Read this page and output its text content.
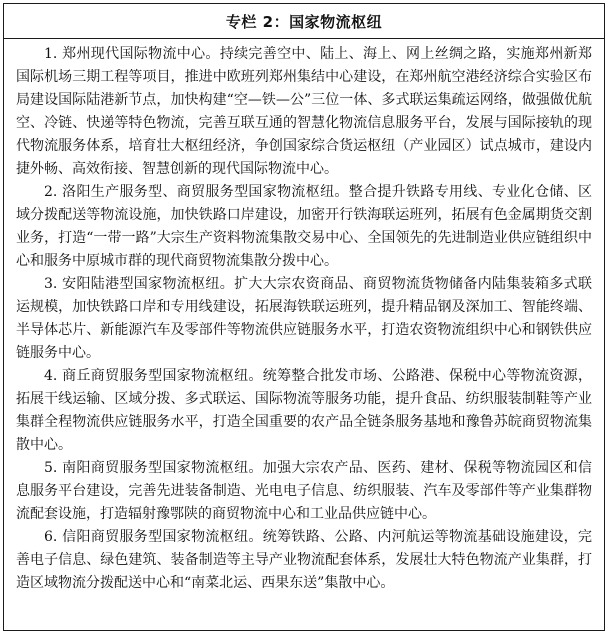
专栏 2：国家物流枢纽

1. 郑州现代国际物流中心。持续完善空中、陆上、海上、网上丝绸之路，实施郑州新郑国际机场三期工程等项目，推进中欧班列郑州集结中心建设，在郑州航空港经济综合实验区布局建设国际陆港新节点，加快构建“空—铁—公”三位一体、多式联运集疏运网络，做强做优航空、冷链、快递等特色物流，完善互联互通的智慧化物流信息服务平台，发展与国际接轨的现代物流服务体系，培育壮大枢纽经济，争创国家综合货运枢纽（产业园区）试点城市，建设内捷外畅、高效衔接、智慧创新的现代国际物流中心。

2. 洛阳生产服务型、商贸服务型国家物流枢纽。整合提升铁路专用线、专业化仓储、区域分拨配送等物流设施，加快铁路口岸建设，加密开行铁海联运班列，拓展有色金属期货交割业务，打造“一带一路”大宗生产资料物流集散交易中心、全国领先的先进制造业供应链组织中心和服务中原城市群的现代商贸物流集散分拨中心。

3. 安阳陆港型国家物流枢纽。扩大大宗农资商品、商贸物流货物储备内陆集装箱多式联运规模，加快铁路口岸和专用线建设，拓展海铁联运班列，提升精品钢及深加工、智能终端、半导体芯片、新能源汽车及零部件等物流供应链服务水平，打造农资物流组织中心和钢铁供应链服务中心。

4. 商丘商贸服务型国家物流枢纽。统筹整合批发市场、公路港、保税中心等物流资源，拓展干线运输、区域分拨、多式联运、国际物流等服务功能，提升食品、纺织服装制鞋等产业集群全程物流供应链服务水平，打造全国重要的农产品全链条服务基地和豫鲁苏皖商贸物流集散中心。

5. 南阳商贸服务型国家物流枢纽。加强大宗农产品、医药、建材、保税等物流园区和信息服务平台建设，完善先进装备制造、光电电子信息、纺织服装、汽车及零部件等产业集群物流配套设施，打造辐射豫鄂陕的商贸物流中心和工业品供应链中心。

6. 信阳商贸服务型国家物流枢纽。统筹铁路、公路、内河航运等物流基础设施建设，完善电子信息、绿色建筑、装备制造等主导产业物流配套体系，发展壮大特色物流产业集群，打造区域物流分拨配送中心和“南菜北运、西果东送”集散中心。
